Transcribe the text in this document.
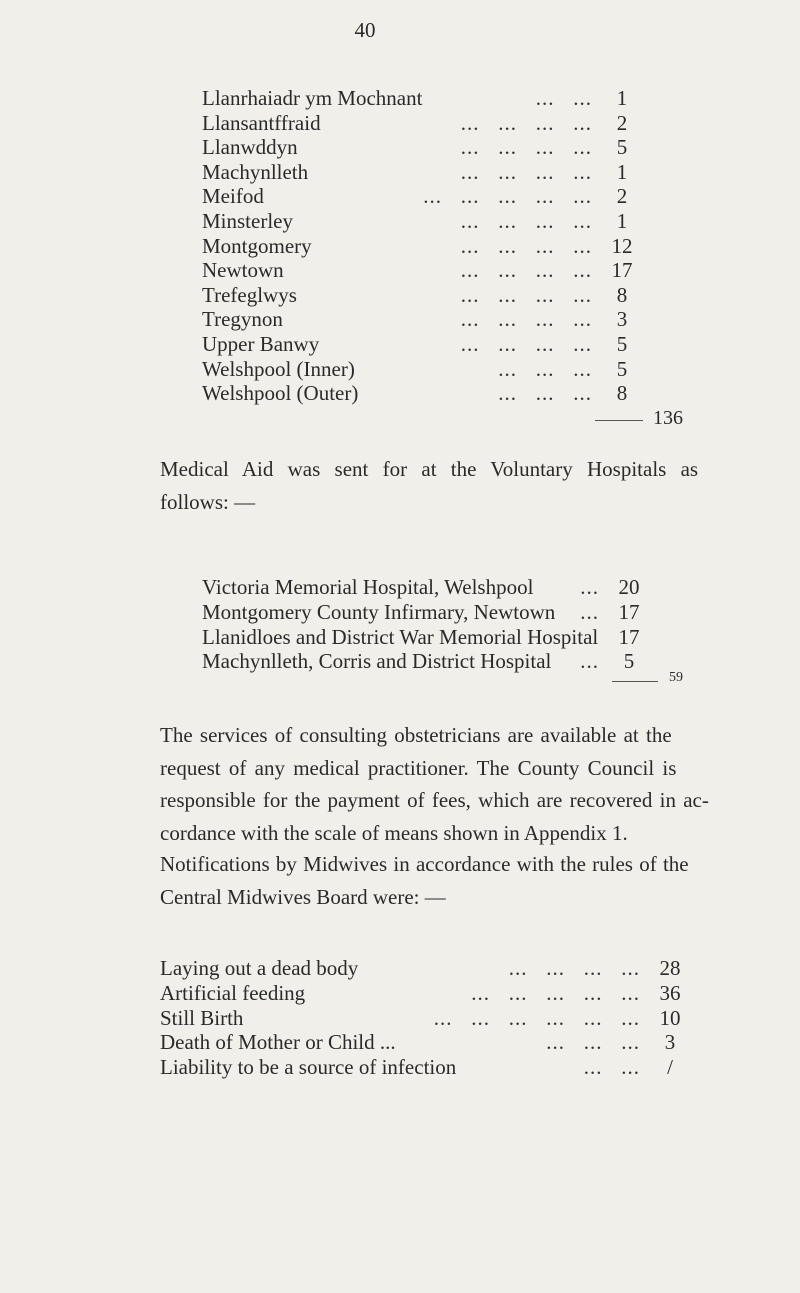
40
Llanrhaiadr ym Mochnant	...   ...	1
Llansantffraid	...   ...   ...   ...	2
Llanwddyn	...   ...   ...   ...	5
Machynlleth	...   ...   ...   ...	1
Meifod	...   ...   ...   ...   ...	2
Minsterley	...   ...   ...   ...	1
Montgomery	...   ...   ...   ... 12
Newtown	...   ...   ...   ... 17
Trefeglwys	...   ...   ...   ...	8
Tregynon	...   ...   ...   ...	3
Upper Banwy	...   ...   ...   ...	5
Welshpool (Inner)	...   ...   ...	5
Welshpool (Outer)	...   ...   ...	8
136
Medical Aid was sent for at the Voluntary Hospitals as
follows: —
Victoria Memorial Hospital, Welshpool ... 20
Montgomery County Infirmary, Newtown ... 17
Llanidloes and District War Memorial Hospital 17
Machynlleth, Corris and District Hospital ...	5
59
The services of consulting obstetricians are available at the
request of any medical practitioner. The County Council is
responsible for the payment of fees, which are recovered in ac-
cordance with the scale of means shown in Appendix 1.
Notifications by Midwives in accordance with the rules of the
Central Midwives Board were: —
Laying out a dead body	...   ...   ...   ... 28
Artificial feeding	...   ...   ...   ...   ... 36
Still Birth	...   ...   ...   ...   ...   ... 10
Death of Mother or Child ...	...   ...   ...	3
Liability to be a source of infection	...   ...	/
